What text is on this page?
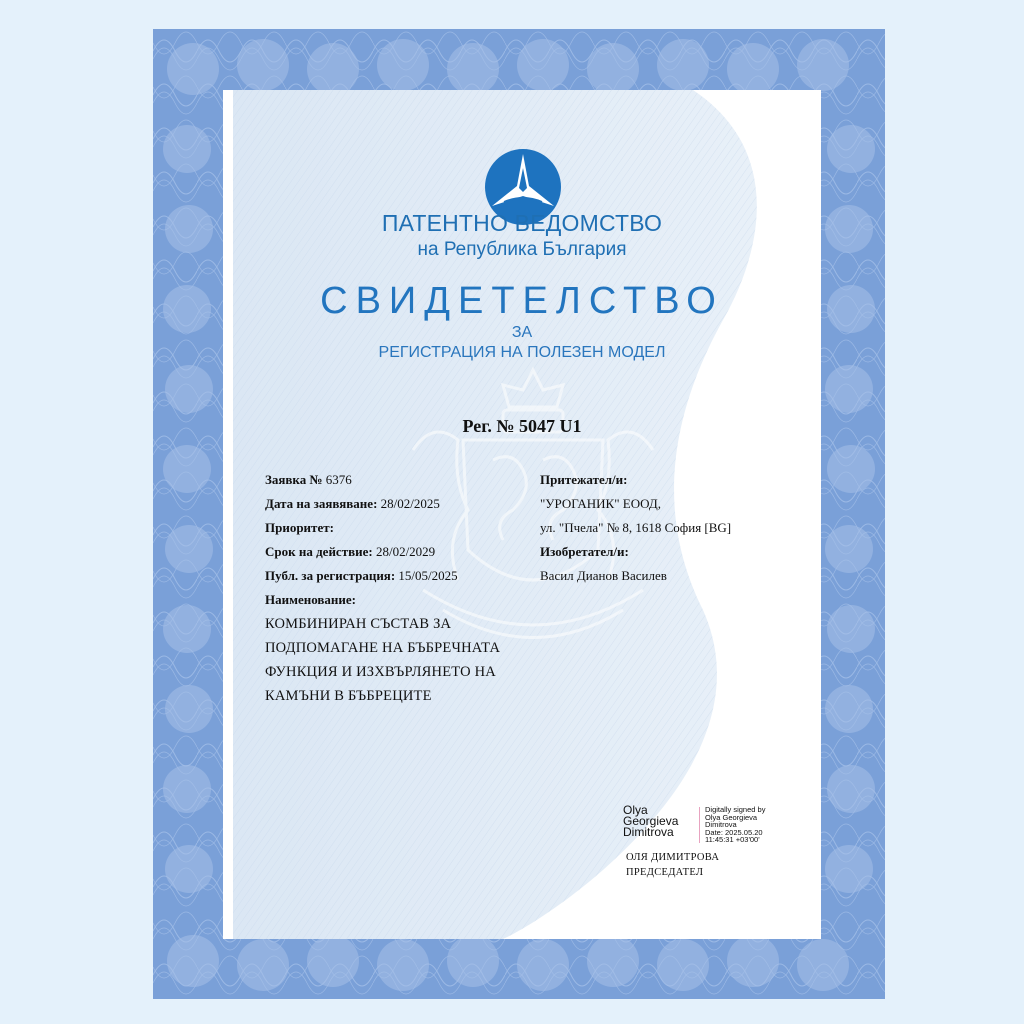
ПАТЕНТНО ВЕДОМСТВО
на Република България
СВИДЕТЕЛСТВО
ЗА
РЕГИСТРАЦИЯ НА ПОЛЕЗЕН МОДЕЛ
Рег. № 5047 U1
Заявка № 6376
Дата на заявяване: 28/02/2025
Приоритет:
Срок на действие: 28/02/2029
Публ. за регистрация: 15/05/2025
Наименование:
КОМБИНИРАН СЪСТАВ ЗА
ПОДПОМАГАНЕ НА БЪБРЕЧНАТА
ФУНКЦИЯ И ИЗХВЪРЛЯНЕТО НА
КАМЪНИ В БЪБРЕЦИТЕ
Притежател/и:
"УРОГАНИК" ЕООД,
ул. "Пчела" № 8, 1618 София [BG]
Изобретател/и:
Васил Дианов Василев
Olya
Georgieva
Dimitrova
Digitally signed by
Olya Georgieva
Dimitrova
Date: 2025.05.20
11:45:31 +03'00'
ОЛЯ ДИМИТРОВА
ПРЕДСЕДАТЕЛ
